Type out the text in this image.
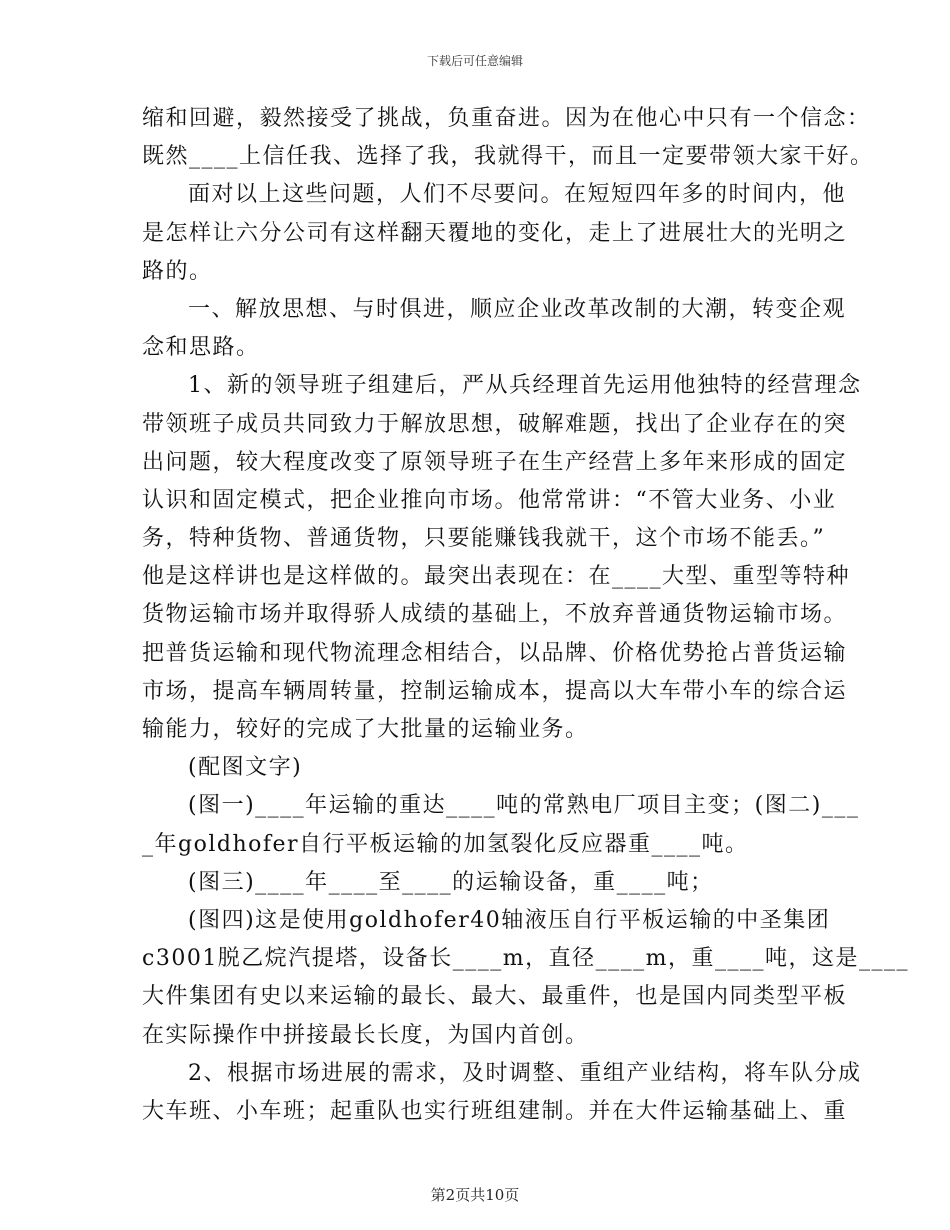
下载后可任意编辑
缩和回避，毅然接受了挑战，负重奋进。因为在他心中只有一个信念：
既然____上信任我、选择了我，我就得干，而且一定要带领大家干好。
面对以上这些问题，人们不尽要问。在短短四年多的时间内，他
是怎样让六分公司有这样翻天覆地的变化，走上了进展壮大的光明之
路的。
一、解放思想、与时俱进，顺应企业改革改制的大潮，转变企观
念和思路。
1、新的领导班子组建后，严从兵经理首先运用他独特的经营理念
带领班子成员共同致力于解放思想，破解难题，找出了企业存在的突
出问题，较大程度改变了原领导班子在生产经营上多年来形成的固定
认识和固定模式，把企业推向市场。他常常讲：“不管大业务、小业
务，特种货物、普通货物，只要能赚钱我就干，这个市场不能丢。”
他是这样讲也是这样做的。最突出表现在：在____大型、重型等特种
货物运输市场并取得骄人成绩的基础上，不放弃普通货物运输市场。
把普货运输和现代物流理念相结合，以品牌、价格优势抢占普货运输
市场，提高车辆周转量，控制运输成本，提高以大车带小车的综合运
输能力，较好的完成了大批量的运输业务。
(配图文字)
(图一)____年运输的重达____吨的常熟电厂项目主变；(图二)___
_年goldhofer自行平板运输的加氢裂化反应器重____吨。
(图三)____年____至____的运输设备，重____吨；
(图四)这是使用goldhofer40轴液压自行平板运输的中圣集团
c3001脱乙烷汽提塔，设备长____m，直径____m，重____吨，这是____
大件集团有史以来运输的最长、最大、最重件，也是国内同类型平板
在实际操作中拼接最长长度，为国内首创。
2、根据市场进展的需求，及时调整、重组产业结构，将车队分成
大车班、小车班；起重队也实行班组建制。并在大件运输基础上、重
第2页共10页
